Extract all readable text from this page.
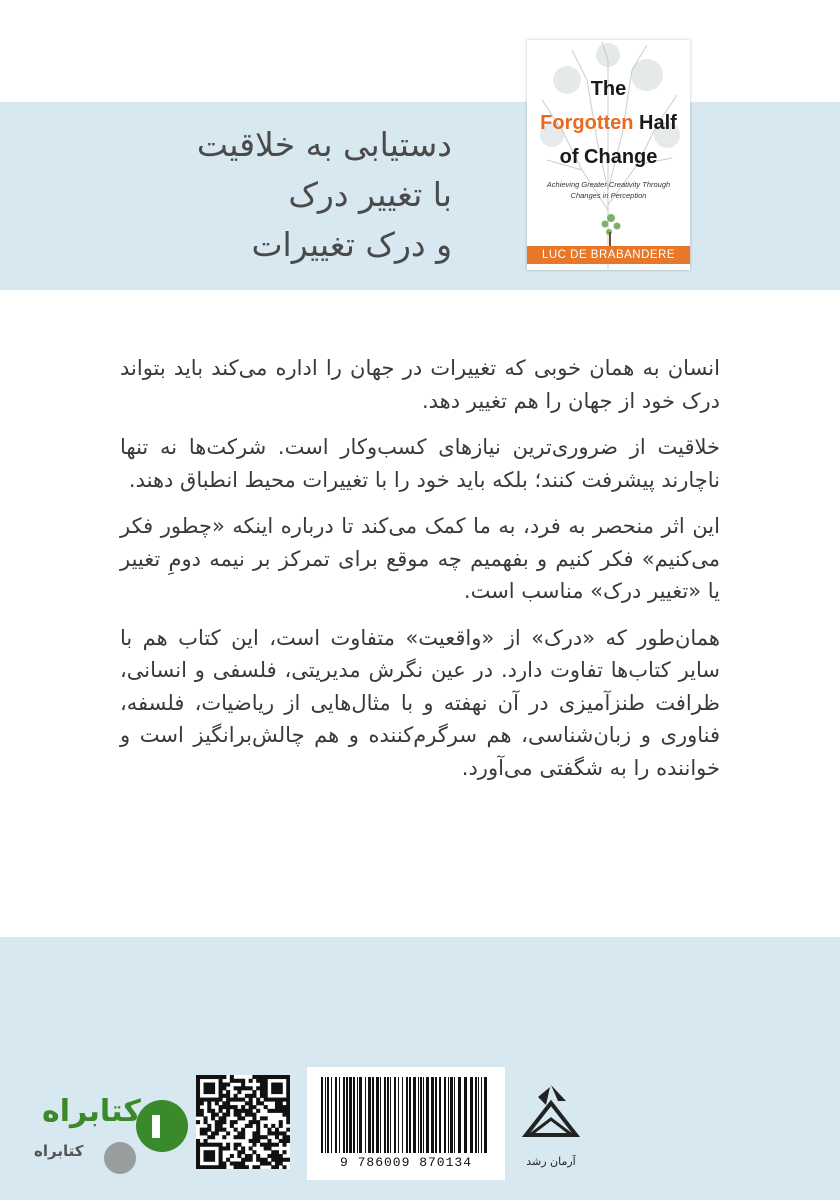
دستیابی به خلاقیت
با تغییر درک
و درک تغییرات
The
Forgotten Half
of Change
Achieving Greater Creativity Through Changes in Perception
LUC DE BRABANDERE

انسان به همان خوبی که تغییرات در جهان را اداره می‌کند باید بتواند درک خود از جهان را هم تغییر دهد.

خلاقیت از ضروری‌ترین نیازهای کسب‌وکار است. شرکت‌ها نه تنها ناچارند پیشرفت کنند؛ بلکه باید خود را با تغییرات محیط انطباق دهند.

این اثر منحصر به فرد، به ما کمک می‌کند تا درباره اینکه «چطور فکر می‌کنیم» فکر کنیم و بفهمیم چه موقع برای تمرکز بر نیمه دومِ تغییر یا «تغییر درک» مناسب است.

همان‌طور که «درک» از «واقعیت» متفاوت است، این کتاب هم با سایر کتاب‌ها تفاوت دارد. در عین نگرش مدیریتی، فلسفی و انسانی، ظرافت طنزآمیزی در آن نهفته و با مثال‌هایی از ریاضیات، فلسفه، فناوری و زبان‌شناسی، هم سرگرم‌کننده و هم چالش‌برانگیز است و خواننده را به شگفتی می‌آورد.

کتابراه
کتابراه
9 786009 870134	آرمان رشد
